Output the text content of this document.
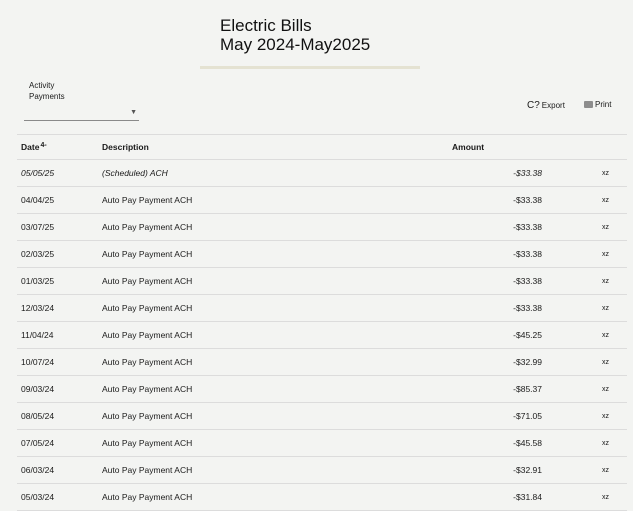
Electric Bills
May 2024-May2025
Activity
Payments
▼
C? Export	Print
Date$^{4-}$	Description	Amount	
05/05/25	(Scheduled) ACH	-$33.38	xz
04/04/25	Auto Pay Payment ACH	-$33.38	xz
03/07/25	Auto Pay Payment ACH	-$33.38	xz
02/03/25	Auto Pay Payment ACH	-$33.38	xz
01/03/25	Auto Pay Payment ACH	-$33.38	xz
12/03/24	Auto Pay Payment ACH	-$33.38	xz
11/04/24	Auto Pay Payment ACH	-$45.25	xz
10/07/24	Auto Pay Payment ACH	-$32.99	xz
09/03/24	Auto Pay Payment ACH	-$85.37	xz
08/05/24	Auto Pay Payment ACH	-$71.05	xz
07/05/24	Auto Pay Payment ACH	-$45.58	xz
06/03/24	Auto Pay Payment ACH	-$32.91	xz
05/03/24	Auto Pay Payment ACH	-$31.84	xz
